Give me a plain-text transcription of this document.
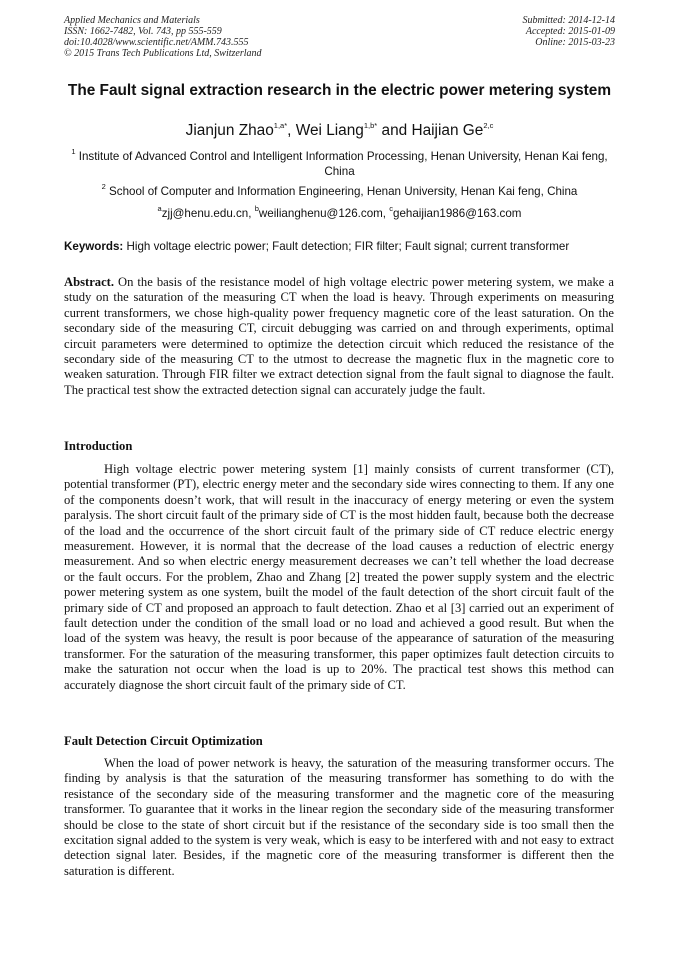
Applied Mechanics and Materials
ISSN: 1662-7482, Vol. 743, pp 555-559
doi:10.4028/www.scientific.net/AMM.743.555
© 2015 Trans Tech Publications Ltd, Switzerland
Submitted: 2014-12-14
Accepted: 2015-01-09
Online: 2015-03-23
The Fault signal extraction research in the electric power metering system
Jianjun Zhao$^{1,a*}$, Wei Liang$^{1,b*}$ and Haijian Ge$^{2,c}$
$^1$ Institute of Advanced Control and Intelligent Information Processing, Henan University, Henan Kai feng, China
$^2$ School of Computer and Information Engineering, Henan University, Henan Kai feng, China
$^a$zjj@henu.edu.cn, $^b$weilianghenu@126.com, $^c$gehaijian1986@163.com
Keywords: High voltage electric power; Fault detection; FIR filter; Fault signal; current transformer
Abstract. On the basis of the resistance model of high voltage electric power metering system, we make a study on the saturation of the measuring CT when the load is heavy. Through experiments on measuring current transformers, we chose high-quality power frequency magnetic core of the least saturation. On the secondary side of the measuring CT, circuit debugging was carried on and through experiments, optimal circuit parameters were determined to optimize the detection circuit which reduced the resistance of the secondary side of the measuring CT to the utmost to decrease the magnetic flux in the magnetic core to weaken saturation. Through FIR filter we extract detection signal from the fault signal to diagnose the fault. The practical test show the extracted detection signal can accurately judge the fault.
Introduction
High voltage electric power metering system [1] mainly consists of current transformer (CT), potential transformer (PT), electric energy meter and the secondary side wires connecting to them. If any one of the components doesn’t work, that will result in the inaccuracy of energy metering or even the system paralysis. The short circuit fault of the primary side of CT is the most hidden fault, because both the decrease of the load and the occurrence of the short circuit fault of the primary side of CT reduce electric energy measurement. However, it is normal that the decrease of the load causes a reduction of electric energy measurement. And so when electric energy measurement decreases we can’t tell whether the load decrease or the fault occurs. For the problem, Zhao and Zhang [2] treated the power supply system and the electric power metering system as one system, built the model of the fault detection of the short circuit fault of the primary side of CT and proposed an approach to fault detection. Zhao et al [3] carried out an experiment of fault detection under the condition of the small load or no load and achieved a good result. But when the load of the system was heavy, the result is poor because of the appearance of saturation of the measuring transformer. For the saturation of the measuring transformer, this paper optimizes fault detection circuits to make the saturation not occur when the load is up to 20%. The practical test shows this method can accurately diagnose the short circuit fault of the primary side of CT.
Fault Detection Circuit Optimization
When the load of power network is heavy, the saturation of the measuring transformer occurs. The finding by analysis is that the saturation of the measuring transformer has something to do with the resistance of the secondary side of the measuring transformer and the magnetic core of the measuring transformer. To guarantee that it works in the linear region the secondary side of the measuring transformer should be close to the state of short circuit but if the resistance of the secondary side is too small then the excitation signal added to the system is very weak, which is easy to be interfered with and not easy to extract detection signal later. Besides, if the magnetic core of the measuring transformer is different then the saturation is different.
